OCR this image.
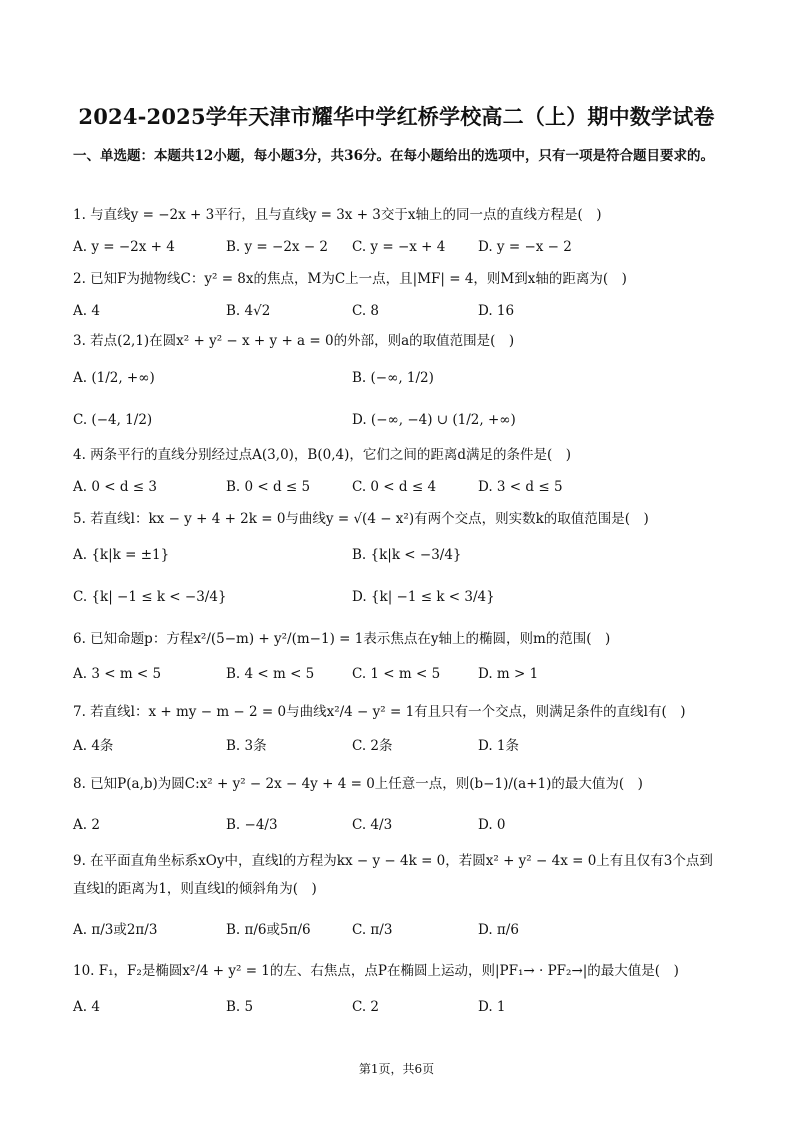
2024-2025学年天津市耀华中学红桥学校高二（上）期中数学试卷
一、单选题：本题共12小题，每小题3分，共36分。在每小题给出的选项中，只有一项是符合题目要求的。
1. 与直线y = −2x + 3平行，且与直线y = 3x + 3交于x轴上的同一点的直线方程是(　)
A. y = −2x + 4	B. y = −2x − 2 C. y = −x + 4 D. y = −x − 2
2. 已知F为抛物线C：y² = 8x的焦点，M为C上一点，且|MF| = 4，则M到x轴的距离为(　)
A. 4	B. 4√2	C. 8	D. 16
3. 若点(2,1)在圆x² + y² − x + y + a = 0的外部，则a的取值范围是(　)
A. (1/2, +∞)	B. (−∞, 1/2)
C. (−4, 1/2)	D. (−∞, −4) ∪ (1/2, +∞)
4. 两条平行的直线分别经过点A(3,0)，B(0,4)，它们之间的距离d满足的条件是(　)
A. 0 < d ≤ 3	B. 0 < d ≤ 5	C. 0 < d ≤ 4	D. 3 < d ≤ 5
5. 若直线l：kx − y + 4 + 2k = 0与曲线y = √(4 − x²)有两个交点，则实数k的取值范围是(　)
A. {k|k = ±1}	B. {k|k < −3/4}
C. {k| −1 ≤ k < −3/4}	D. {k| −1 ≤ k < 3/4}
6. 已知命题p：方程x²/(5−m) + y²/(m−1) = 1表示焦点在y轴上的椭圆，则m的范围(　)
A. 3 < m < 5	B. 4 < m < 5	C. 1 < m < 5	D. m > 1
7. 若直线l：x + my − m − 2 = 0与曲线x²/4 − y² = 1有且只有一个交点，则满足条件的直线l有(　)
A. 4条	B. 3条	C. 2条	D. 1条
8. 已知P(a,b)为圆C:x² + y² − 2x − 4y + 4 = 0上任意一点，则(b−1)/(a+1)的最大值为(　)
A. 2	B. −4/3	C. 4/3	D. 0
9. 在平面直角坐标系xOy中，直线l的方程为kx − y − 4k = 0，若圆x² + y² − 4x = 0上有且仅有3个点到直线l的距离为1，则直线l的倾斜角为(　)
A. π/3或2π/3	B. π/6或5π/6	C. π/3	D. π/6
10. F₁，F₂是椭圆x²/4 + y² = 1的左、右焦点，点P在椭圆上运动，则|PF₁→ · PF₂→|的最大值是(　)
A. 4	B. 5	C. 2	D. 1
第1页，共6页
